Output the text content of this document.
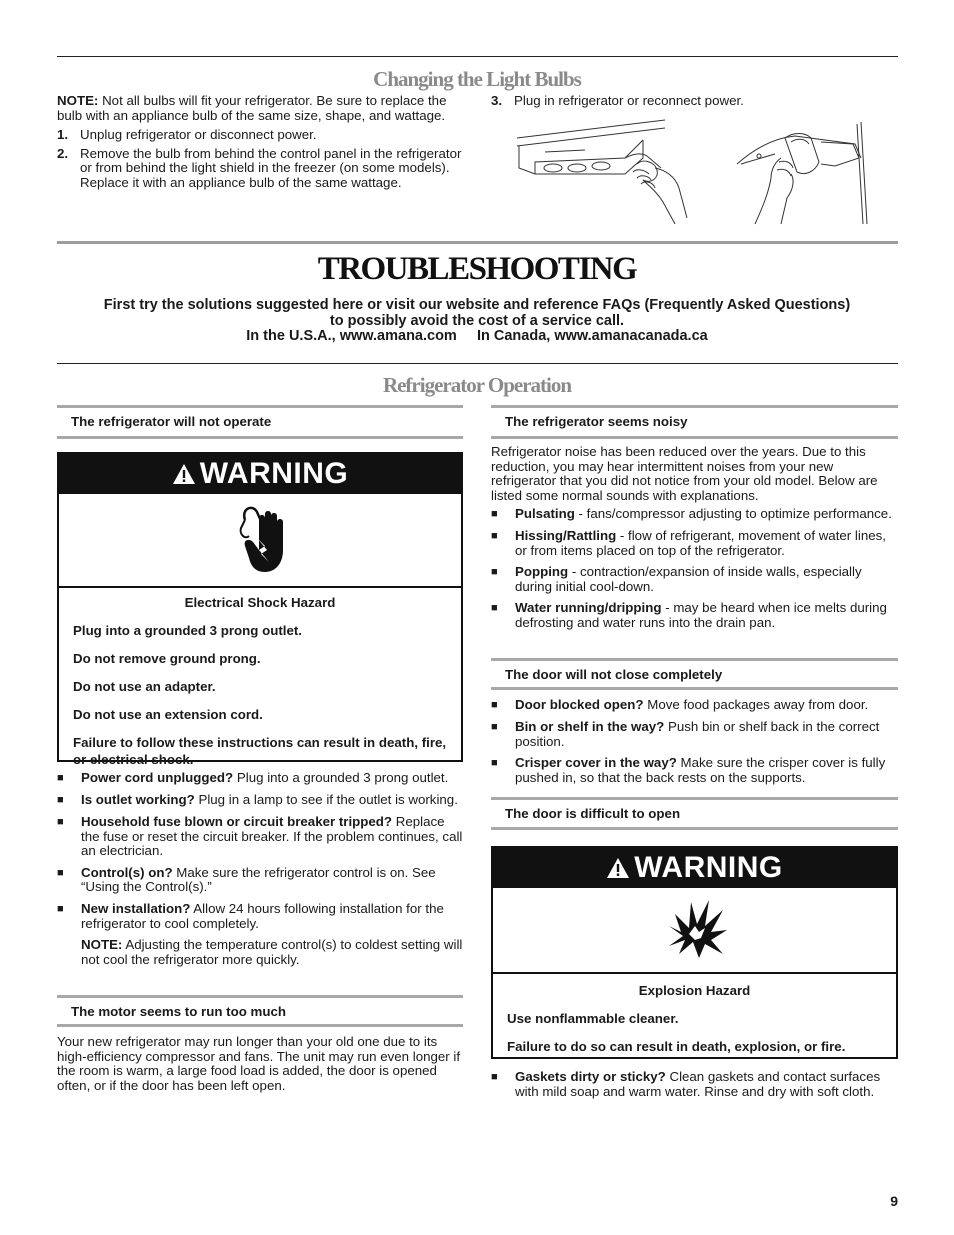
Changing the Light Bulbs
NOTE: Not all bulbs will fit your refrigerator. Be sure to replace the bulb with an appliance bulb of the same size, shape, and wattage.
1. Unplug refrigerator or disconnect power.
2. Remove the bulb from behind the control panel in the refrigerator or from behind the light shield in the freezer (on some models). Replace it with an appliance bulb of the same wattage.
3. Plug in refrigerator or reconnect power.
TROUBLESHOOTING
First try the solutions suggested here or visit our website and reference FAQs (Frequently Asked Questions)
to possibly avoid the cost of a service call.
In the U.S.A., www.amana.com     In Canada, www.amanacanada.ca
Refrigerator Operation
The refrigerator will not operate
WARNING

Electrical Shock Hazard

Plug into a grounded 3 prong outlet.

Do not remove ground prong.

Do not use an adapter.

Do not use an extension cord.

Failure to follow these instructions can result in death, fire, or electrical shock.

■	Power cord unplugged? Plug into a grounded 3 prong outlet.
■	Is outlet working? Plug in a lamp to see if the outlet is working.
■	Household fuse blown or circuit breaker tripped? Replace the fuse or reset the circuit breaker. If the problem continues, call an electrician.
■	Control(s) on? Make sure the refrigerator control is on. See “Using the Control(s).”
■	New installation? Allow 24 hours following installation for the refrigerator to cool completely.
NOTE: Adjusting the temperature control(s) to coldest setting will not cool the refrigerator more quickly.
The motor seems to run too much
Your new refrigerator may run longer than your old one due to its high-efficiency compressor and fans. The unit may run even longer if the room is warm, a large food load is added, the door is opened often, or if the door has been left open.
The refrigerator seems noisy
Refrigerator noise has been reduced over the years. Due to this reduction, you may hear intermittent noises from your new refrigerator that you did not notice from your old model. Below are listed some normal sounds with explanations.
■	Pulsating - fans/compressor adjusting to optimize performance.
■	Hissing/Rattling - flow of refrigerant, movement of water lines, or from items placed on top of the refrigerator.
■	Popping - contraction/expansion of inside walls, especially during initial cool-down.
■	Water running/dripping - may be heard when ice melts during defrosting and water runs into the drain pan.
The door will not close completely
■	Door blocked open? Move food packages away from door.
■	Bin or shelf in the way? Push bin or shelf back in the correct position.
■	Crisper cover in the way? Make sure the crisper cover is fully pushed in, so that the back rests on the supports.
The door is difficult to open
WARNING

Explosion Hazard

Use nonflammable cleaner.

Failure to do so can result in death, explosion, or fire.

■	Gaskets dirty or sticky? Clean gaskets and contact surfaces with mild soap and warm water. Rinse and dry with soft cloth.
9
